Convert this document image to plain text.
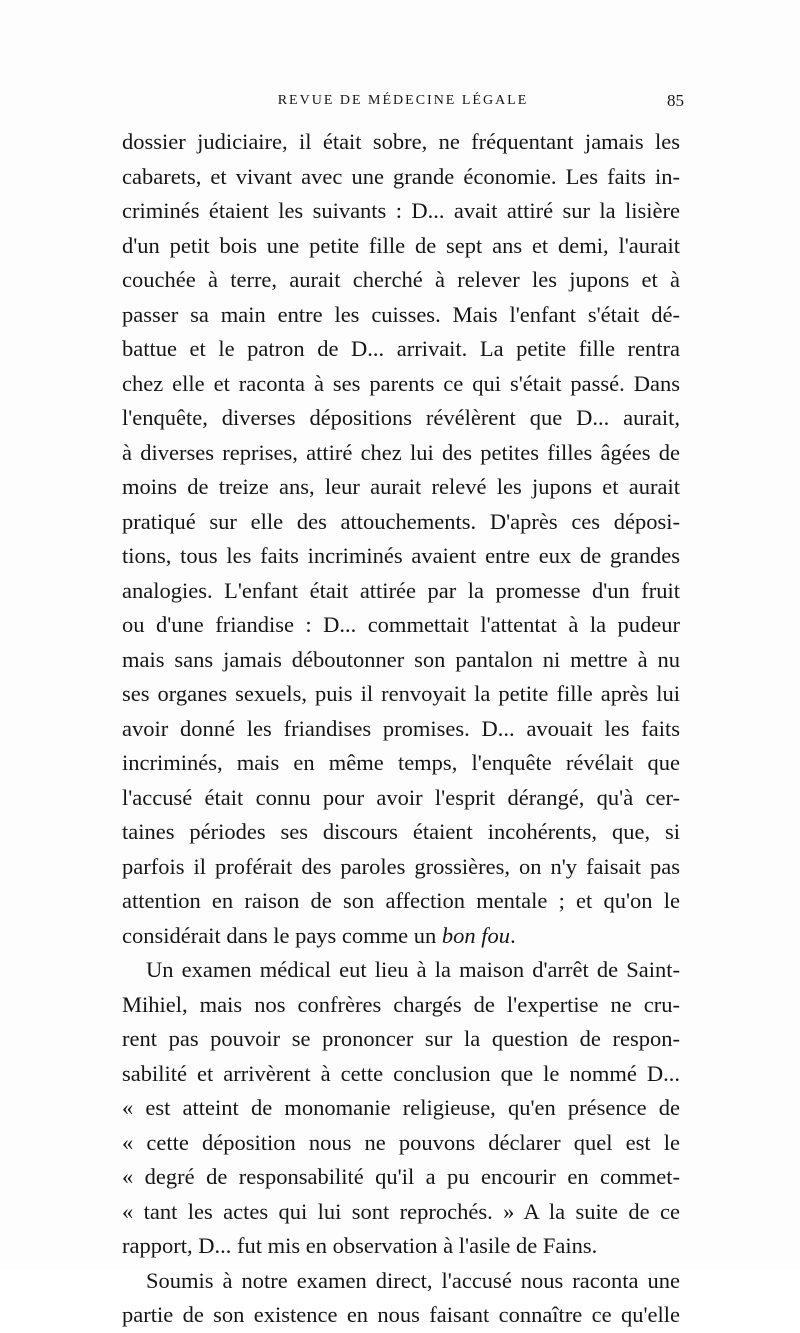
REVUE DE MÉDECINE LÉGALE	85
dossier judiciaire, il était sobre, ne fréquentant jamais les
cabarets, et vivant avec une grande économie. Les faits in-
criminés étaient les suivants : D... avait attiré sur la lisière
d'un petit bois une petite fille de sept ans et demi, l'aurait
couchée à terre, aurait cherché à relever les jupons et à
passer sa main entre les cuisses. Mais l'enfant s'était dé-
battue et le patron de D... arrivait. La petite fille rentra
chez elle et raconta à ses parents ce qui s'était passé. Dans
l'enquête, diverses dépositions révélèrent que D... aurait,
à diverses reprises, attiré chez lui des petites filles âgées de
moins de treize ans, leur aurait relevé les jupons et aurait
pratiqué sur elle des attouchements. D'après ces déposi-
tions, tous les faits incriminés avaient entre eux de grandes
analogies. L'enfant était attirée par la promesse d'un fruit
ou d'une friandise : D... commettait l'attentat à la pudeur
mais sans jamais déboutonner son pantalon ni mettre à nu
ses organes sexuels, puis il renvoyait la petite fille après lui
avoir donné les friandises promises. D... avouait les faits
incriminés, mais en même temps, l'enquête révélait que
l'accusé était connu pour avoir l'esprit dérangé, qu'à cer-
taines périodes ses discours étaient incohérents, que, si
parfois il proférait des paroles grossières, on n'y faisait pas
attention en raison de son affection mentale ; et qu'on le
considérait dans le pays comme un bon fou.
Un examen médical eut lieu à la maison d'arrêt de Saint-
Mihiel, mais nos confrères chargés de l'expertise ne cru-
rent pas pouvoir se prononcer sur la question de respon-
sabilité et arrivèrent à cette conclusion que le nommé D...
« est atteint de monomanie religieuse, qu'en présence de
« cette déposition nous ne pouvons déclarer quel est le
« degré de responsabilité qu'il a pu encourir en commet-
« tant les actes qui lui sont reprochés. » A la suite de ce
rapport, D... fut mis en observation à l'asile de Fains.
Soumis à notre examen direct, l'accusé nous raconta une
partie de son existence en nous faisant connaître ce qu'elle
